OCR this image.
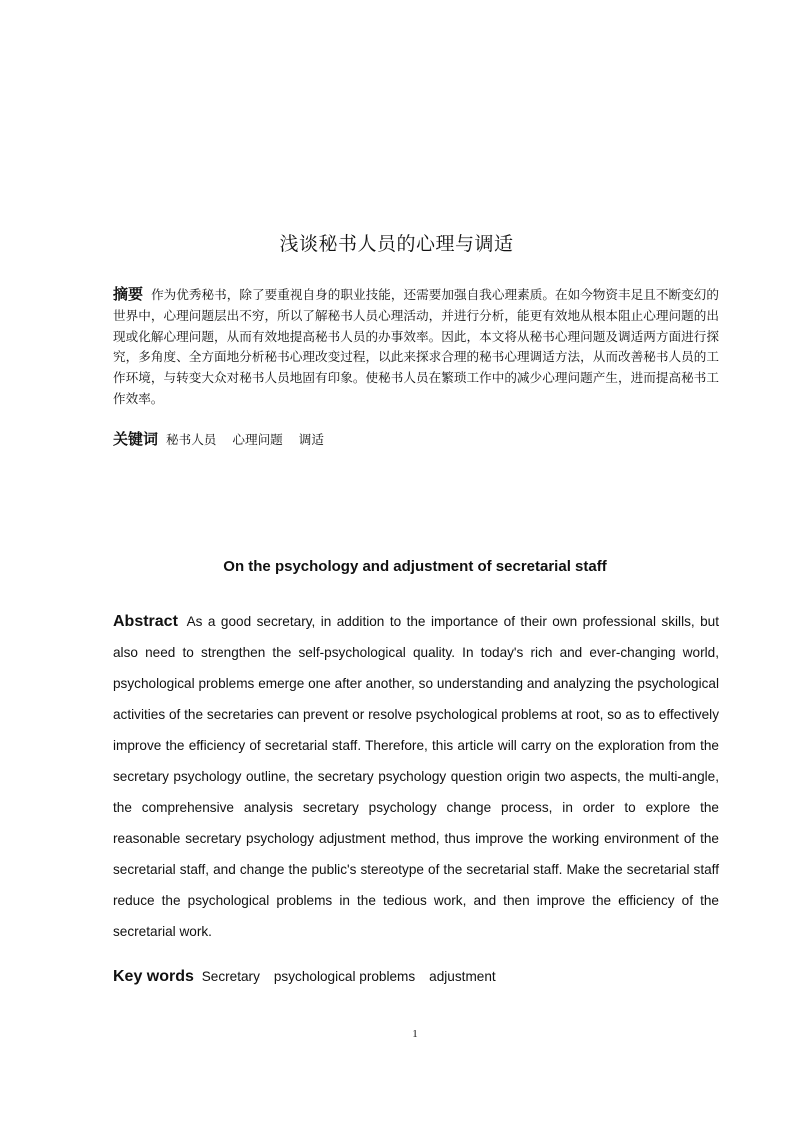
浅谈秘书人员的心理与调适

摘要 作为优秀秘书，除了要重视自身的职业技能，还需要加强自我心理素质。在如今物资丰足且不断变幻的世界中，心理问题层出不穷，所以了解秘书人员心理活动，并进行分析，能更有效地从根本阻止心理问题的出现或化解心理问题，从而有效地提高秘书人员的办事效率。因此，本文将从秘书心理问题及调适两方面进行探究，多角度、全方面地分析秘书心理改变过程，以此来探求合理的秘书心理调适方法，从而改善秘书人员的工作环境，与转变大众对秘书人员地固有印象。使秘书人员在繁琐工作中的减少心理问题产生，进而提高秘书工作效率。

关键词 秘书人员 心理问题 调适

On the psychology and adjustment of secretarial staff

Abstract As a good secretary, in addition to the importance of their own professional skills, but also need to strengthen the self-psychological quality. In today's rich and ever-changing world, psychological problems emerge one after another, so understanding and analyzing the psychological activities of the secretaries can prevent or resolve psychological problems at root, so as to effectively improve the efficiency of secretarial staff. Therefore, this article will carry on the exploration from the secretary psychology outline, the secretary psychology question origin two aspects, the multi-angle, the comprehensive analysis secretary psychology change process, in order to explore the reasonable secretary psychology adjustment method, thus improve the working environment of the secretarial staff, and change the public's stereotype of the secretarial staff. Make the secretarial staff reduce the psychological problems in the tedious work, and then improve the efficiency of the secretarial work.

Key words Secretary psychological problems adjustment

1
